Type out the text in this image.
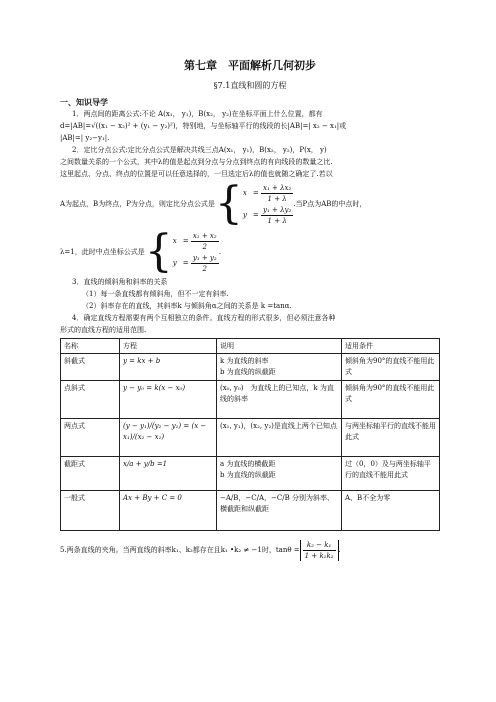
第七章　平面解析几何初步
§7.1直线和圆的方程
一、知识导学

1．两点间的距离公式:不论 A(x₁， y₁)，B(x₂， y₂)在坐标平面上什么位置，都有

d=|AB|=√((x₁ − x₂)² + (y₁ − y₂)²)，特别地，与坐标轴平行的线段的长|AB|=| x₂ − x₁|或

|AB|=| y₂−y₁|.

2．定比分点公式:定比分点公式是解决共线三点A(x₁， y₁)，B(x₂， y₂)，P(x， y)

之间数量关系的一个公式，其中λ的值是起点到分点与分点到终点的有向线段的数量之比.

这里起点、分点、终点的位置是可以任意选择的，一旦选定后λ的值也就随之确定了.若以

A为起点，B为终点，P为分点，则定比分点公式是 { $x = \frac{\text{x₁ + λx₂}}{1 + \lambda}$
$y = \frac{\text{y₁ + λy₂}}{1 + \lambda}$
.当P点为AB的中点时，
λ=1，此时中点坐标公式是 { $x = \frac{\text{x₁ + x₂}}{2}$
$y = \frac{\text{y₁ + y₂}}{2}$
.

3．直线的倾斜角和斜率的关系

（1）每一条直线都有倾斜角，但不一定有斜率.

（2）斜率存在的直线，其斜率k 与倾斜角α之间的关系是 k =tanα.

4．确定直线方程需要有两个互相独立的条件。直线方程的形式很多，但必须注意各种

形式的直线方程的适用范围.

名称	方程	说明	适用条件
斜截式	y = kx + b	k 为直线的斜率
b 为直线的纵截距	倾斜角为90°的直线不能用此式
点斜式	y − y₀ = k(x − x₀)	(x₀, y₀)　为直线上的已知点，k 为直线的斜率	倾斜角为90°的直线不能用此式
两点式	(y − y₁)/(y₂ − y₁) = (x − x₁)/(x₂ − x₁)	(x₁, y₁)，(x₂, y₂)是直线上两个已知点	与两坐标轴平行的直线不能用此式
截距式	x/a + y/b =1	a 为直线的横截距
b 为直线的纵截距	过（0，0）及与两坐标轴平行的直线不能用此式
一般式	Ax + By + C = 0	−A/B，−C/A，−C/B 分别为斜率、横截距和纵截距	A、B不全为零
5.两条直线的夹角。当两直线的斜率k₁、k₂都存在且k₁ •k₂ ≠ −1时，$\tan\theta = \frac{\text{k₂ − k₁}}{\text{1 + k₁k₂}}$ .
